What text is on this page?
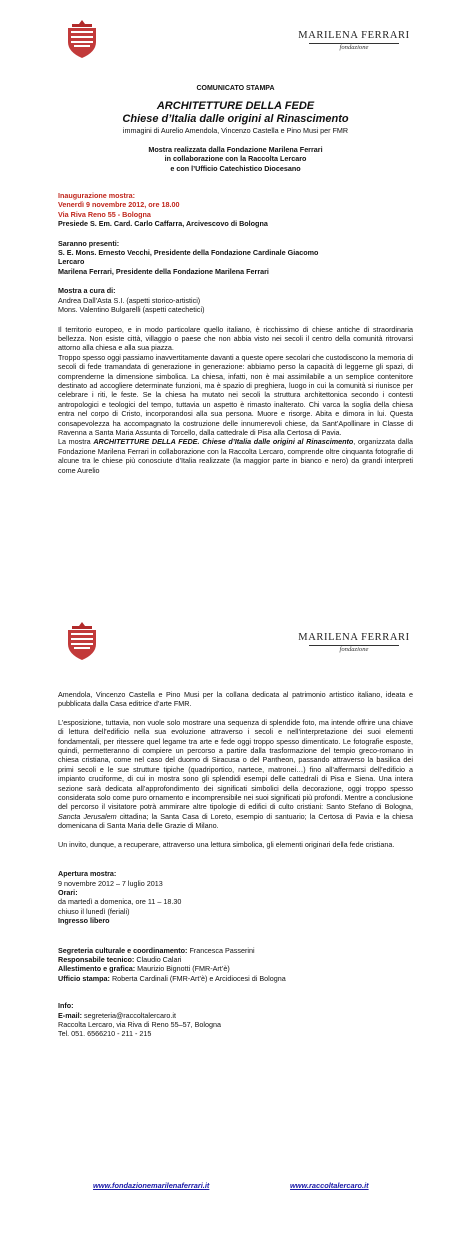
MARILENA FERRARI
fondazione

COMUNICATO STAMPA

ARCHITETTURE DELLA FEDE

Chiese d’Italia dalle origini al Rinascimento

immagini di Aurelio Amendola, Vincenzo Castella e Pino Musi per FMR

Mostra realizzata dalla Fondazione Marilena Ferrari

in collaborazione con la Raccolta Lercaro

e con l’Ufficio Catechistico Diocesano

Inaugurazione mostra:

Venerdì 9 novembre 2012, ore 18.00

Via Riva Reno 55 - Bologna

Presiede S. Em. Card. Carlo Caffarra, Arcivescovo di Bologna

Saranno presenti:

S. E. Mons. Ernesto Vecchi, Presidente della Fondazione Cardinale Giacomo

Lercaro

Marilena Ferrari, Presidente della Fondazione Marilena Ferrari

Mostra a cura di:

Andrea Dall’Asta S.I. (aspetti storico-artistici)

Mons. Valentino Bulgarelli (aspetti catechetici)

Il territorio europeo, e in modo particolare quello italiano, è ricchissimo di chiese antiche di straordinaria bellezza. Non esiste città, villaggio o paese che non abbia visto nei secoli il centro della comunità ritrovarsi attorno alla chiesa e alla sua piazza.

Troppo spesso oggi passiamo inavvertitamente davanti a queste opere secolari che custodiscono la memoria di secoli di fede tramandata di generazione in generazione: abbiamo perso la capacità di leggerne gli spazi, di comprenderne la dimensione simbolica. La chiesa, infatti, non è mai assimilabile a un semplice contenitore destinato ad accogliere determinate funzioni, ma è spazio di preghiera, luogo in cui la comunità si riunisce per celebrare i riti, le feste. Se la chiesa ha mutato nei secoli la struttura architettonica secondo i contesti antropologici e teologici del tempo, tuttavia un aspetto è rimasto inalterato. Chi varca la soglia della chiesa entra nel corpo di Cristo, incorporandosi alla sua persona. Muore e risorge. Abita e dimora in lui. Questa consapevolezza ha accompagnato la costruzione delle innumerevoli chiese, da Sant’Apollinare in Classe di Ravenna a Santa Maria Assunta di Torcello, dalla cattedrale di Pisa alla Certosa di Pavia.

La mostra ARCHITETTURE DELLA FEDE. Chiese d’Italia dalle origini al Rinascimento, organizzata dalla Fondazione Marilena Ferrari in collaborazione con la Raccolta Lercaro, comprende oltre cinquanta fotografie di alcune tra le chiese più conosciute d’Italia realizzate (la maggior parte in bianco e nero) da grandi interpreti come Aurelio

MARILENA FERRARI
fondazione

Amendola, Vincenzo Castella e Pino Musi per la collana dedicata al patrimonio artistico italiano, ideata e pubblicata dalla Casa editrice d’arte FMR.

L’esposizione, tuttavia, non vuole solo mostrare una sequenza di splendide foto, ma intende offrire una chiave di lettura dell’edificio nella sua evoluzione attraverso i secoli e nell’interpretazione dei suoi elementi fondamentali, per ritessere quel legame tra arte e fede oggi troppo spesso dimenticato. Le fotografie esposte, quindi, permetteranno di compiere un percorso a partire dalla trasformazione del tempio greco-romano in chiesa cristiana, come nel caso del duomo di Siracusa o del Pantheon, passando attraverso la basilica dei primi secoli e le sue strutture tipiche (quadriportico, nartece, matronei…) fino all’affermarsi dell’edificio a impianto cruciforme, di cui in mostra sono gli splendidi esempi delle cattedrali di Pisa e Siena. Una intera sezione sarà dedicata all’approfondimento dei significati simbolici della decorazione, oggi troppo spesso considerata solo come puro ornamento e incomprensibile nei suoi significati più profondi. Mentre a conclusione del percorso il visitatore potrà ammirare altre tipologie di edifici di culto cristiani: Santo Stefano di Bologna, Sancta Jerusalem cittadina; la Santa Casa di Loreto, esempio di santuario; la Certosa di Pavia e la chiesa domenicana di Santa Maria delle Grazie di Milano.

Un invito, dunque, a recuperare, attraverso una lettura simbolica, gli elementi originari della fede cristiana.

Apertura mostra:

9 novembre 2012 – 7 luglio 2013

Orari:

da martedì a domenica, ore 11 – 18.30

chiuso il lunedì (feriali)

Ingresso libero

Segreteria culturale e coordinamento: Francesca Passerini

Responsabile tecnico: Claudio Calari

Allestimento e grafica: Maurizio Bignotti (FMR-Art’è)

Ufficio stampa: Roberta Cardinali (FMR-Art’è) e Arcidiocesi di Bologna

Info:

E-mail: segreteria@raccoltalercaro.it

Raccolta Lercaro, via Riva di Reno 55–57, Bologna

Tel. 051. 6566210 - 211 - 215

www.fondazionemarilenaferrari.it	www.raccoltalercaro.it
